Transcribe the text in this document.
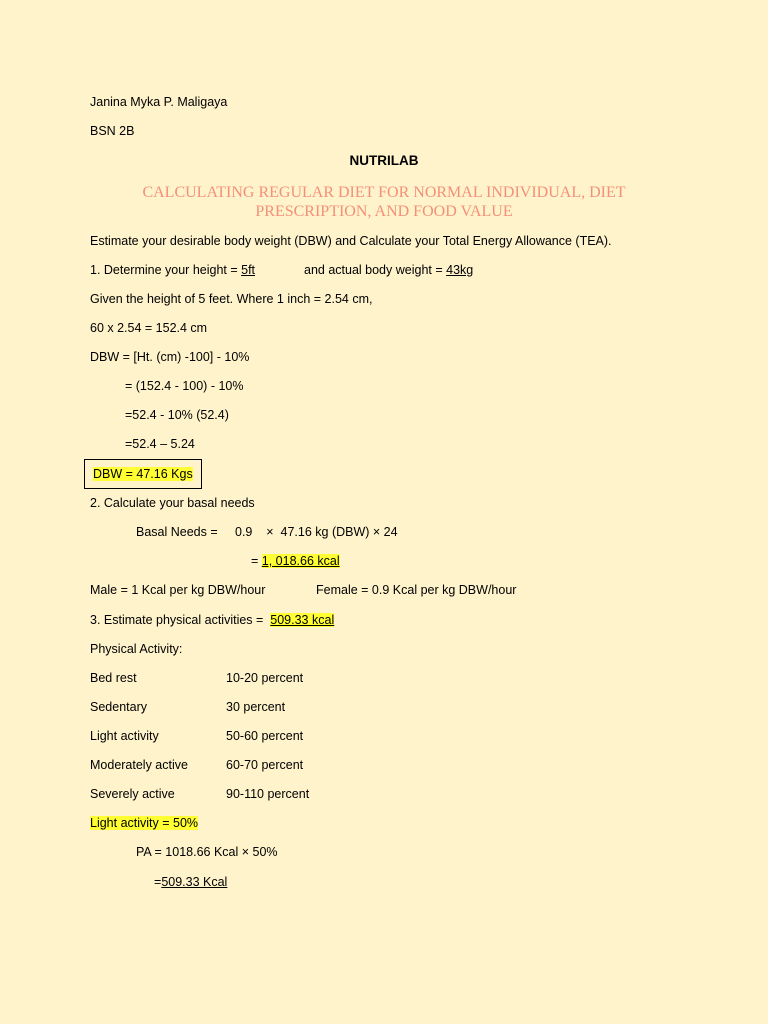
Janina Myka P. Maligaya
BSN 2B
NUTRILAB
CALCULATING REGULAR DIET FOR NORMAL INDIVIDUAL, DIET
PRESCRIPTION, AND FOOD VALUE
Estimate your desirable body weight (DBW) and Calculate your Total Energy Allowance (TEA).
1. Determine your height = 5ft	and actual body weight = 43kg
Given the height of 5 feet. Where 1 inch = 2.54 cm,
60 x 2.54 = 152.4 cm
DBW = [Ht. (cm) -100] - 10%
= (152.4 - 100) - 10%
=52.4 - 10% (52.4)
=52.4 – 5.24
DBW = 47.16 Kgs
2. Calculate your basal needs
Basal Needs =     0.9    ×  47.16 kg (DBW) × 24
= 1, 018.66 kcal
Male = 1 Kcal per kg DBW/hour	Female = 0.9 Kcal per kg DBW/hour
3. Estimate physical activities =  509.33 kcal
Physical Activity:
Bed rest	10-20 percent
Sedentary	30 percent
Light activity	50-60 percent
Moderately active	60-70 percent
Severely active	90-110 percent
Light activity = 50%
PA = 1018.66 Kcal × 50%
=509.33 Kcal
